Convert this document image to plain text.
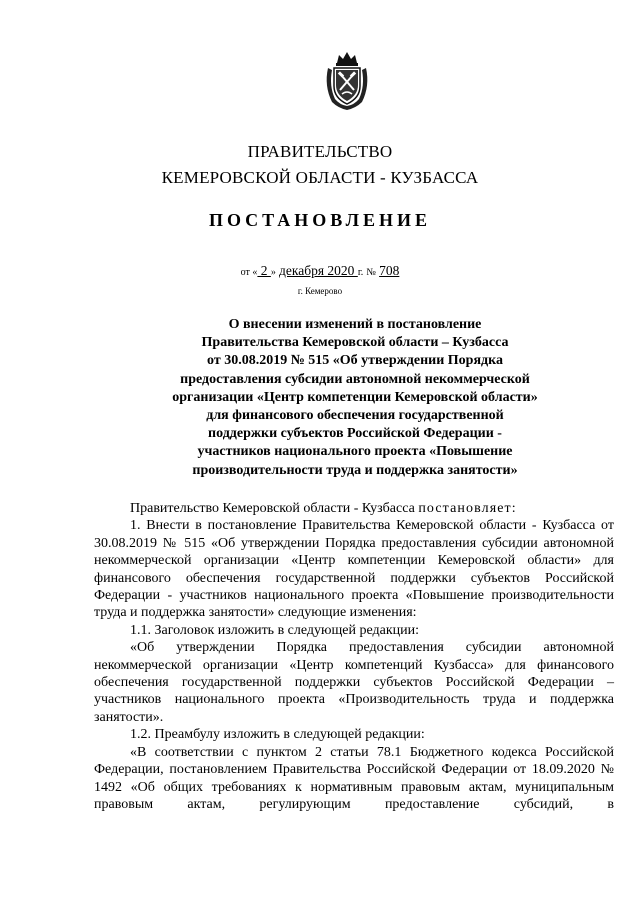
ПРАВИТЕЛЬСТВО
КЕМЕРОВСКОЙ ОБЛАСТИ - КУЗБАССА
ПОСТАНОВЛЕНИЕ
от « 2 » декабря 2020 г. № 708
г. Кемерово
О внесении изменений в постановление
Правительства Кемеровской области – Кузбасса
от 30.08.2019 № 515 «Об утверждении Порядка
предоставления субсидии автономной некоммерческой
организации «Центр компетенции Кемеровской области»
для финансового обеспечения государственной
поддержки субъектов Российской Федерации -
участников национального проекта «Повышение
производительности труда и поддержка занятости»

Правительство Кемеровской области - Кузбасса постановляет:

1. Внести в постановление Правительства Кемеровской области - Кузбасса от 30.08.2019 № 515 «Об утверждении Порядка предоставления субсидии автономной некоммерческой организации «Центр компетенции Кемеровской области» для финансового обеспечения государственной поддержки субъектов Российской Федерации - участников национального проекта «Повышение производительности труда и поддержка занятости» следующие изменения:

1.1. Заголовок изложить в следующей редакции:

«Об утверждении Порядка предоставления субсидии автономной некоммерческой организации «Центр компетенций Кузбасса» для финансового обеспечения государственной поддержки субъектов Российской Федерации – участников национального проекта «Производительность труда и поддержка занятости».

1.2. Преамбулу изложить в следующей редакции:

«В соответствии с пунктом 2 статьи 78.1 Бюджетного кодекса Российской Федерации, постановлением Правительства Российской Федерации от 18.09.2020 № 1492 «Об общих требованиях к нормативным правовым актам, муниципальным правовым актам, регулирующим предоставление субсидий, в
